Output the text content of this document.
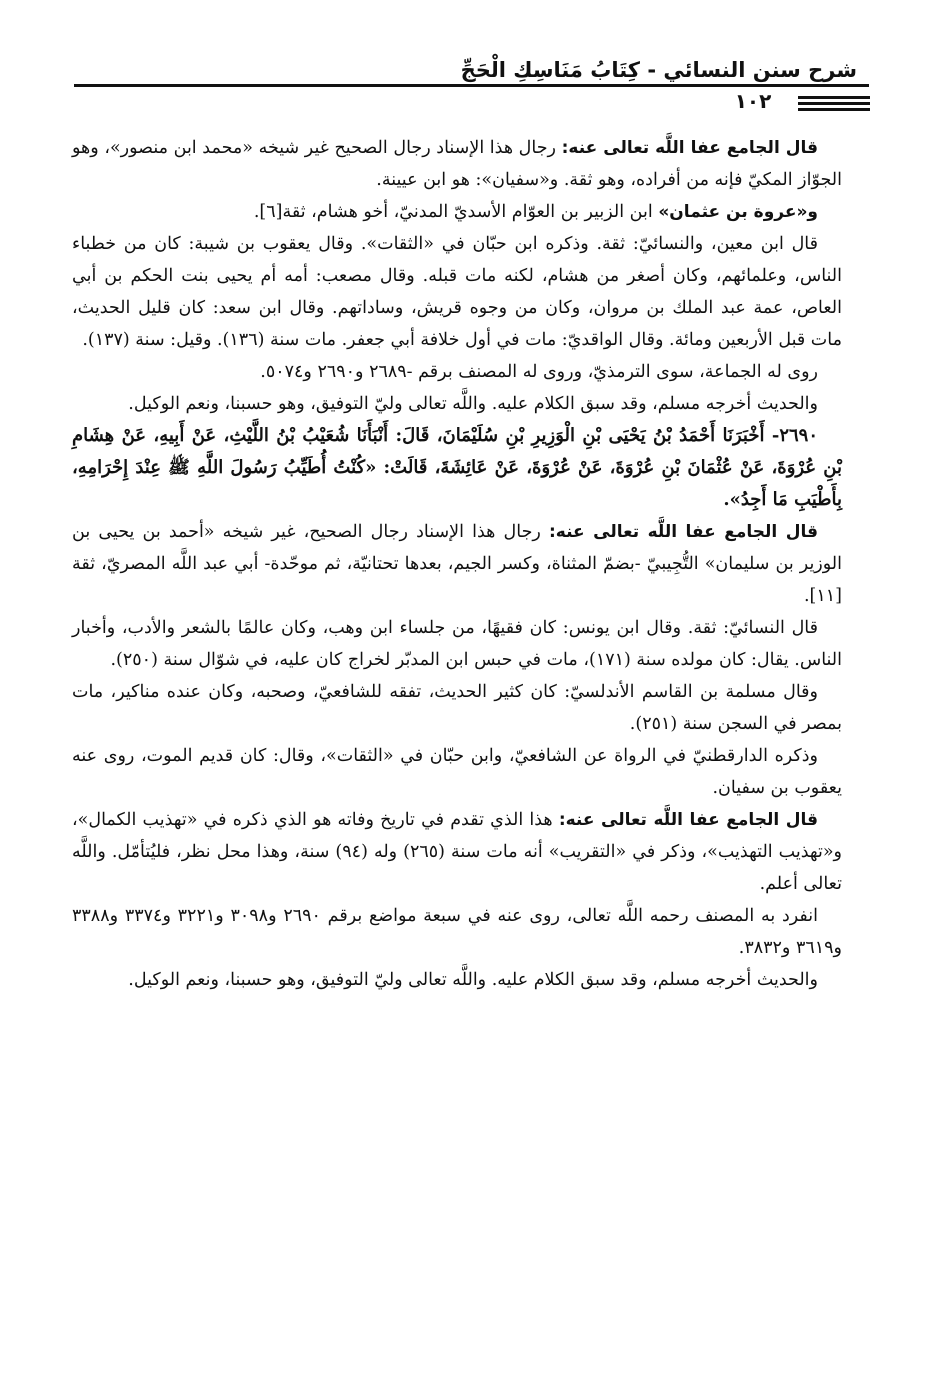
شرح سنن النسائي - كِتَابُ مَنَاسِكِ الْحَجِّ
١٠٢

قال الجامع عفا اللَّه تعالى عنه: رجال هذا الإسناد رجال الصحيح غير شيخه «محمد ابن منصور»، وهو الجوّاز المكيّ فإنه من أفراده، وهو ثقة. و«سفيان»: هو ابن عيينة.

و«عروة بن عثمان» ابن الزبير بن العوّام الأسديّ المدنيّ، أخو هشام، ثقة[٦].

قال ابن معين، والنسائيّ: ثقة. وذكره ابن حبّان في «الثقات». وقال يعقوب بن شيبة: كان من خطباء الناس، وعلمائهم، وكان أصغر من هشام، لكنه مات قبله. وقال مصعب: أمه أم يحيى بنت الحكم بن أبي العاص، عمة عبد الملك بن مروان، وكان من وجوه قريش، وساداتهم. وقال ابن سعد: كان قليل الحديث، مات قبل الأربعين ومائة. وقال الواقديّ: مات في أول خلافة أبي جعفر. مات سنة (١٣٦). وقيل: سنة (١٣٧).

روى له الجماعة، سوى الترمذيّ، وروى له المصنف برقم -٢٦٨٩ و٢٦٩٠ و٥٠٧٤.

والحديث أخرجه مسلم، وقد سبق الكلام عليه. واللَّه تعالى وليّ التوفيق، وهو حسبنا، ونعم الوكيل.

٢٦٩٠- أَخْبَرَنَا أَحْمَدُ بْنُ يَحْيَى بْنِ الْوَزِيرِ بْنِ سُلَيْمَانَ، قَالَ: أَنْبَأَنَا شُعَيْبُ بْنُ اللَّيْثِ، عَنْ أَبِيهِ، عَنْ هِشَامِ بْنِ عُرْوَةَ، عَنْ عُثْمَانَ بْنِ عُرْوَةَ، عَنْ عُرْوَةَ، عَنْ عَائِشَةَ، قَالَتْ: «كُنْتُ أُطَيِّبُ رَسُولَ اللَّهِ ﷺ عِنْدَ إِحْرَامِهِ، بِأَطْيَبِ مَا أَجِدُ».

قال الجامع عفا اللَّه تعالى عنه: رجال هذا الإسناد رجال الصحيح، غير شيخه «أحمد بن يحيى بن الوزير بن سليمان» التُّجِيبيّ -بضمّ المثناة، وكسر الجيم، بعدها تحتانيّة، ثم موحّدة- أبي عبد اللَّه المصريّ، ثقة [١١].

قال النسائيّ: ثقة. وقال ابن يونس: كان فقيهًا، من جلساء ابن وهب، وكان عالمًا بالشعر والأدب، وأخبار الناس. يقال: كان مولده سنة (١٧١)، مات في حبس ابن المدبّر لخراج كان عليه، في شوّال سنة (٢٥٠).

وقال مسلمة بن القاسم الأندلسيّ: كان كثير الحديث، تفقه للشافعيّ، وصحبه، وكان عنده مناكير، مات بمصر في السجن سنة (٢٥١).

وذكره الدارقطنيّ في الرواة عن الشافعيّ، وابن حبّان في «الثقات»، وقال: كان قديم الموت، روى عنه يعقوب بن سفيان.

قال الجامع عفا اللَّه تعالى عنه: هذا الذي تقدم في تاريخ وفاته هو الذي ذكره في «تهذيب الكمال»، و«تهذيب التهذيب»، وذكر في «التقريب» أنه مات سنة (٢٦٥) وله (٩٤) سنة، وهذا محل نظر، فليُتأمّل. واللَّه تعالى أعلم.

انفرد به المصنف رحمه اللَّه تعالى، روى عنه في سبعة مواضع برقم ٢٦٩٠ و٣٠٩٨ و٣٢٢١ و٣٣٧٤ و٣٣٨٨ و٣٦١٩ و٣٨٣٢.

والحديث أخرجه مسلم، وقد سبق الكلام عليه. واللَّه تعالى وليّ التوفيق، وهو حسبنا، ونعم الوكيل.
